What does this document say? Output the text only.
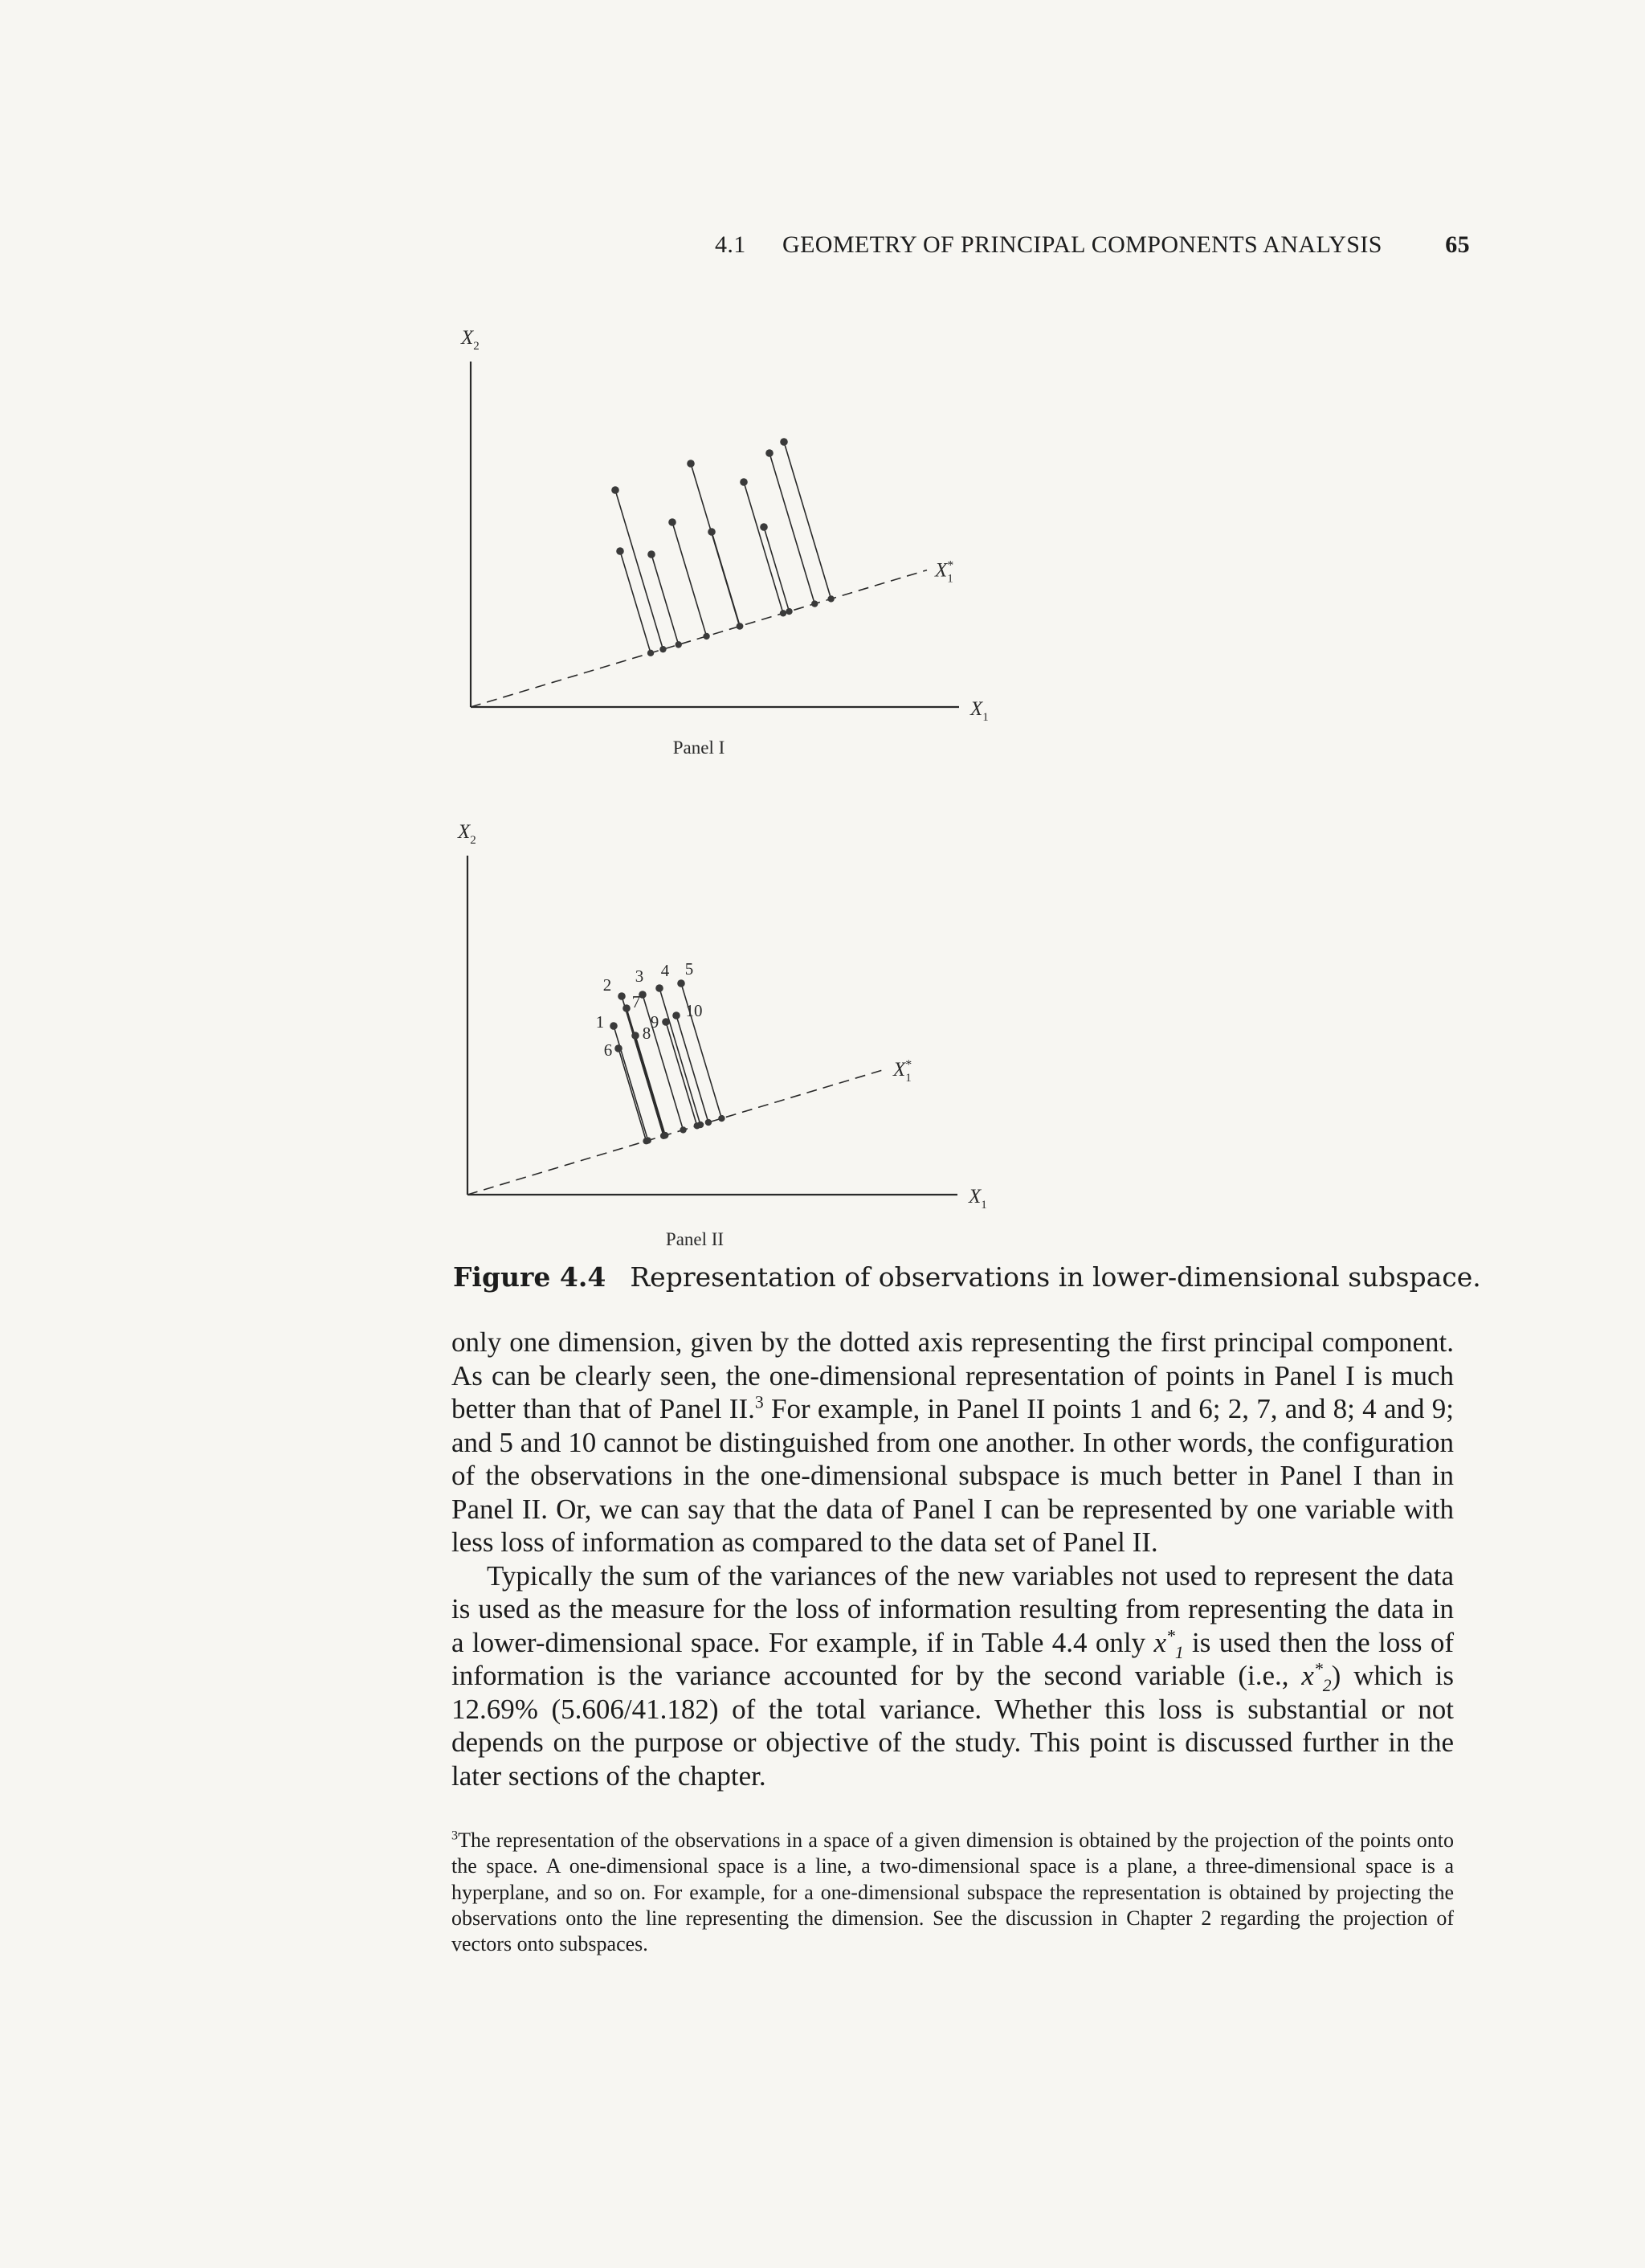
4.1 GEOMETRY OF PRINCIPAL COMPONENTS ANALYSIS	65
$X_2$
$X_1$
X* 1
Panel I
$X_2$
$X_1$
X* 1
1
2 3 4 5
6
7
8
9
10
Panel II
Figure 4.4 Representation of observations in lower-dimensional subspace.

only one dimension, given by the dotted axis representing the first principal component. As can be clearly seen, the one-dimensional representation of points in Panel I is much better than that of Panel II.$^3$ For example, in Panel II points 1 and 6; 2, 7, and 8; 4 and 9; and 5 and 10 cannot be distinguished from one another. In other words, the configuration of the observations in the one-dimensional subspace is much better in Panel I than in Panel II. Or, we can say that the data of Panel I can be represented by one variable with less loss of information as compared to the data set of Panel II.

Typically the sum of the variances of the new variables not used to represent the data is used as the measure for the loss of information resulting from representing the data in a lower-dimensional space. For example, if in Table 4.4 only $x^*_1$ is used then the loss of information is the variance accounted for by the second variable (i.e., $x^*_2$) which is 12.69% (5.606/41.182) of the total variance. Whether this loss is substantial or not depends on the purpose or objective of the study. This point is discussed further in the later sections of the chapter.

$^3$The representation of the observations in a space of a given dimension is obtained by the projection of the points onto the space. A one-dimensional space is a line, a two-dimensional space is a plane, a three-dimensional space is a hyperplane, and so on. For example, for a one-dimensional subspace the representation is obtained by projecting the observations onto the line representing the dimension. See the discussion in Chapter 2 regarding the projection of vectors onto subspaces.
